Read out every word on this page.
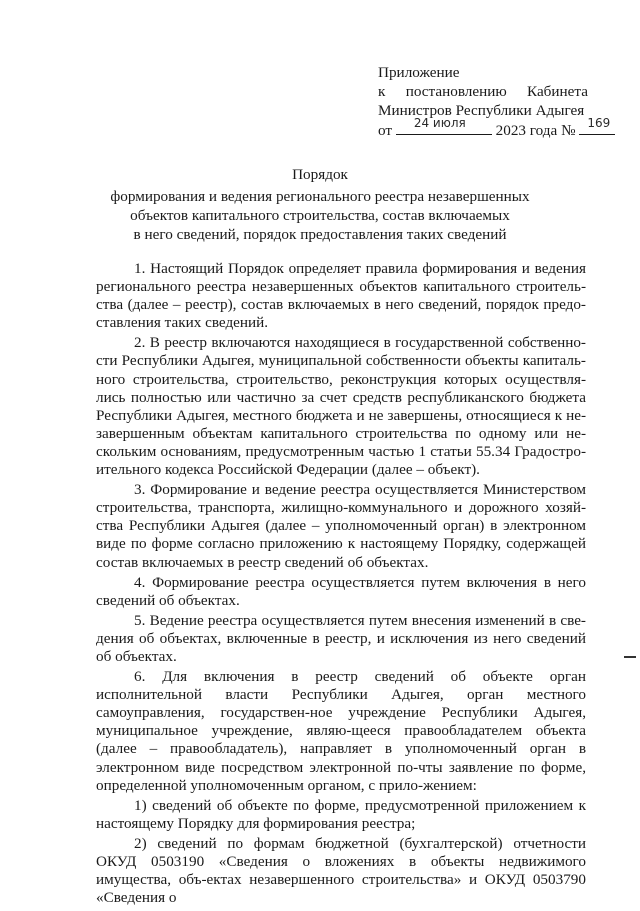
Приложение
к постановлению Кабинета
Министров Республики Адыгея
от 24 июля 2023 года № 169
Порядок
формирования и ведения регионального реестра незавершенных
объектов капитального строительства, состав включаемых
в него сведений, порядок предоставления таких сведений

1. Настоящий Порядок определяет правила формирования и ведения регионального реестра незавершенных объектов капитального строитель-ства (далее – реестр), состав включаемых в него сведений, порядок предо-ставления таких сведений.

2. В реестр включаются находящиеся в государственной собственно-сти Республики Адыгея, муниципальной собственности объекты капиталь-ного строительства, строительство, реконструкция которых осуществля-лись полностью или частично за счет средств республиканского бюджета Республики Адыгея, местного бюджета и не завершены, относящиеся к не-завершенным объектам капитального строительства по одному или не-скольким основаниям, предусмотренным частью 1 статьи 55.34 Градостро-ительного кодекса Российской Федерации (далее – объект).

3. Формирование и ведение реестра осуществляется Министерством строительства, транспорта, жилищно-коммунального и дорожного хозяй-ства Республики Адыгея (далее – уполномоченный орган) в электронном виде по форме согласно приложению к настоящему Порядку, содержащей состав включаемых в реестр сведений об объектах.

4. Формирование реестра осуществляется путем включения в него сведений об объектах.

5. Ведение реестра осуществляется путем внесения изменений в све-дения об объектах, включенные в реестр, и исключения из него сведений об объектах.

6. Для включения в реестр сведений об объекте орган исполнительной власти Республики Адыгея, орган местного самоуправления, государствен-ное учреждение Республики Адыгея, муниципальное учреждение, являю-щееся правообладателем объекта (далее – правообладатель), направляет в уполномоченный орган в электронном виде посредством электронной по-чты заявление по форме, определенной уполномоченным органом, с прило-жением:

1) сведений об объекте по форме, предусмотренной приложением к настоящему Порядку для формирования реестра;

2) сведений по формам бюджетной (бухгалтерской) отчетности ОКУД 0503190 «Сведения о вложениях в объекты недвижимого имущества, объ-ектах незавершенного строительства» и ОКУД 0503790 «Сведения о
